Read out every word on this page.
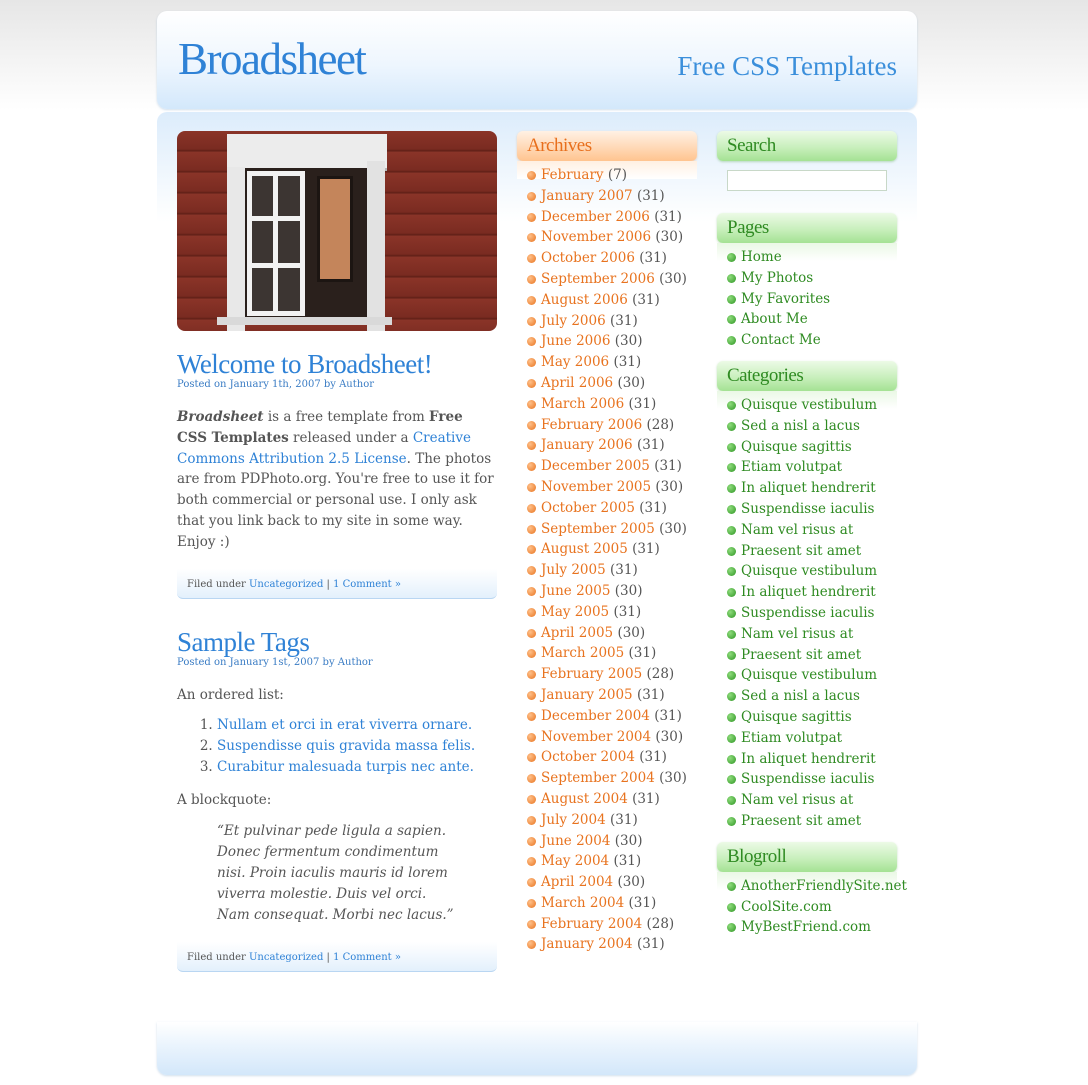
Broadsheet	Free CSS Templates
Welcome to Broadsheet!

Posted on January 1th, 2007 by Author

Broadsheet is a free template from Free CSS Templates released under a Creative Commons Attribution 2.5 License. The photos are from PDPhoto.org. You're free to use it for both commercial or personal use. I only ask that you link back to my site in some way. Enjoy :)

Filed under Uncategorized | 1 Comment »
Sample Tags

Posted on January 1st, 2007 by Author

An ordered list:

1. Nullam et orci in erat viverra ornare.
2. Suspendisse quis gravida massa felis.
3. Curabitur malesuada turpis nec ante.

A blockquote:

“Et pulvinar pede ligula a sapien. Donec fermentum condimentum nisi. Proin iaculis mauris id lorem viverra molestie. Duis vel orci. Nam consequat. Morbi nec lacus.”
Filed under Uncategorized | 1 Comment »
Archives
February (7)
January 2007 (31)
December 2006 (31)
November 2006 (30)
October 2006 (31)
September 2006 (30)
August 2006 (31)
July 2006 (31)
June 2006 (30)
May 2006 (31)
April 2006 (30)
March 2006 (31)
February 2006 (28)
January 2006 (31)
December 2005 (31)
November 2005 (30)
October 2005 (31)
September 2005 (30)
August 2005 (31)
July 2005 (31)
June 2005 (30)
May 2005 (31)
April 2005 (30)
March 2005 (31)
February 2005 (28)
January 2005 (31)
December 2004 (31)
November 2004 (30)
October 2004 (31)
September 2004 (30)
August 2004 (31)
July 2004 (31)
June 2004 (30)
May 2004 (31)
April 2004 (30)
March 2004 (31)
February 2004 (28)
January 2004 (31)
Search
Pages
Home
My Photos
My Favorites
About Me
Contact Me
Categories
Quisque vestibulum
Sed a nisl a lacus
Quisque sagittis
Etiam volutpat
In aliquet hendrerit
Suspendisse iaculis
Nam vel risus at
Praesent sit amet
Quisque vestibulum
In aliquet hendrerit
Suspendisse iaculis
Nam vel risus at
Praesent sit amet
Quisque vestibulum
Sed a nisl a lacus
Quisque sagittis
Etiam volutpat
In aliquet hendrerit
Suspendisse iaculis
Nam vel risus at
Praesent sit amet
Blogroll
AnotherFriendlySite.net
CoolSite.com
MyBestFriend.com
